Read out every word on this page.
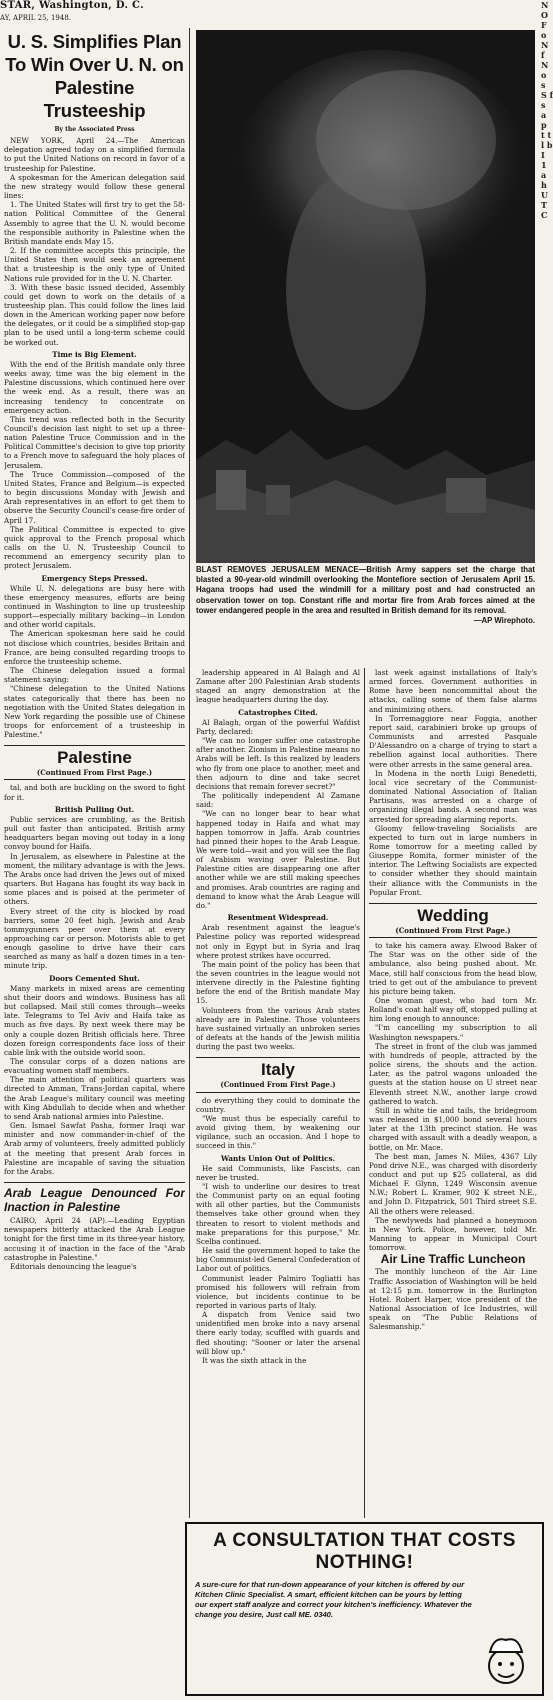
STAR, Washington, D. C.
AY, APRIL 25, 1948.
U. S. Simplifies Plan To Win Over U. N. on Palestine Trusteeship
By the Associated Press

NEW YORK, April 24.—The American delegation agreed today on a simplified formula to put the United Nations on record in favor of a trusteeship for Palestine.

A spokesman for the American delegation said the new strategy would follow these general lines:

1. The United States will first try to get the 58-nation Political Committee of the General Assembly to agree that the U. N. would become the responsible authority in Palestine when the British mandate ends May 15.

2. If the committee accepts this principle, the United States then would seek an agreement that a trusteeship is the only type of United Nations rule provided for in the U. N. Charter.

3. With these basic issued decided, Assembly could get down to work on the details of a trusteeship plan. This could follow the lines laid down in the American working paper now before the delegates, or it could be a simplified stop-gap plan to be used until a long-term scheme could be worked out.

Time is Big Element.

With the end of the British mandate only three weeks away, time was the big element in the Palestine discussions, which continued here over the week end. As a result, there was an increasing tendency to concentrate on emergency action.

This trend was reflected both in the Security Council's decision last night to set up a three-nation Palestine Truce Commission and in the Political Committee's decision to give top priority to a French move to safeguard the holy places of Jerusalem.

The Truce Commission—composed of the United States, France and Belgium—is expected to begin discussions Monday with Jewish and Arab representatives in an effort to get them to observe the Security Council's cease-fire order of April 17.

The Political Committee is expected to give quick approval to the French proposal which calls on the U. N. Trusteeship Council to recommend an emergency security plan to protect Jerusalem.

Emergency Steps Pressed.

While U. N. delegations are busy here with these emergency measures, efforts are being continued in Washington to line up trusteeship support—especially military backing—in London and other world capitals.

The American spokesman here said he could not disclose which countries, besides Britain and France, are being consulted regarding troops to enforce the trusteeship scheme.

The Chinese delegation issued a formal statement saying:

"Chinese delegation to the United Nations states categorically that there has been no negotiation with the United States delegation in New York regarding the possible use of Chinese troops for enforcement of a trusteeship in Palestine."

Palestine
(Continued From First Page.)

tal, and both are buckling on the sword to fight for it.

British Pulling Out.

Public services are crumbling, as the British pull out faster than anticipated. British army headquarters began moving out today in a long convoy bound for Haifa.

In Jerusalem, as elsewhere in Palestine at the moment, the military advantage is with the Jews. The Arabs once had driven the Jews out of mixed quarters. But Hagana has fought its way back in some places and is poised at the perimeter of others.

Every street of the city is blocked by road barriers, some 20 feet high. Jewish and Arab tommygunners peer over them at every approaching car or person. Motorists able to get enough gasoline to drive have their cars searched as many as half a dozen times in a ten-minute trip.

Doors Cemented Shut.

Many markets in mixed areas are cementing shut their doors and windows. Business has all but collapsed. Mail still comes through—weeks late. Telegrams to Tel Aviv and Haifa take as much as five days. By next week there may be only a couple dozen British officials here. Three dozen foreign correspondents face loss of their cable link with the outside world soon.

The consular corps of a dozen nations are evacuating women staff members.

The main attention of political quarters was directed to Amman, Trans-Jordan capital, where the Arab League's military council was meeting with King Abdullah to decide when and whether to send Arab national armies into Palestine.

Gen. Ismael Sawfat Pasha, former Iraqi war minister and now commander-in-chief of the Arab army of volunteers, freely admitted publicly at the meeting that present Arab forces in Palestine are incapable of saving the situation for the Arabs.

Arab League Denounced For Inaction in Palestine

CAIRO, April 24 (AP).—Leading Egyptian newspapers bitterly attacked the Arab League tonight for the first time in its three-year history, accusing it of inaction in the face of the "Arab catastrophe in Palestine."

Editorials denouncing the league's

BLAST REMOVES JERUSALEM MENACE—British Army sappers set the charge that blasted a 90-year-old windmill overlooking the Montefiore section of Jerusalem April 15. Hagana troops had used the windmill for a military post and had constructed an observation tower on top. Constant rifle and mortar fire from Arab forces aimed at the tower endangered people in the area and resulted in British demand for its removal.
—AP Wirephoto.

leadership appeared in Al Balagh and Al Zamane after 200 Palestinian Arab students staged an angry demonstration at the league headquarters during the day.

Catastrophes Cited.

Al Balagh, organ of the powerful Wafdist Party, declared:

"We can no longer suffer one catastrophe after another. Zionism in Palestine means no Arabs will be left. Is this realized by leaders who fly from one place to another, meet and then adjourn to dine and take secret decisions that remain forever secret?"

The politically independent Al Zamane said:

"We can no longer bear to hear what happened today in Haifa and what may happen tomorrow in Jaffa. Arab countries had pinned their hopes to the Arab League. We were told—wait and you will see the flag of Arabism waving over Palestine. But Palestine cities are disappearing one after another while we are still making speeches and promises. Arab countries are raging and demand to know what the Arab League will do."

Resentment Widespread.

Arab resentment against the league's Palestine policy was reported widespread not only in Egypt but in Syria and Iraq where protest strikes have occurred.

The main point of the policy has been that the seven countries in the league would not intervene directly in the Palestine fighting before the end of the British mandate May 15.

Volunteers from the various Arab states already are in Palestine. Those volunteers have sustained virtually an unbroken series of defeats at the hands of the Jewish militia during the past two weeks.

Italy
(Continued From First Page.)

do everything they could to dominate the country.

"We must thus be especially careful to avoid giving them, by weakening our vigilance, such an occasion. And I hope to succeed in this."

Wants Union Out of Politics.

He said Communists, like Fascists, can never be trusted.

"I wish to underline our desires to treat the Communist party on an equal footing with all other parties, but the Communists themselves take other ground when they threaten to resort to violent methods and make preparations for this purpose," Mr. Scelba continued.

He said the government hoped to take the big Communist-led General Confederation of Labor out of politics.

Communist leader Palmiro Togliatti has promised his followers will refrain from violence, but incidents continue to be reported in various parts of Italy.

A dispatch from Venice said two unidentified men broke into a navy arsenal there early today, scuffled with guards and fled shouting: "Sooner or later the arsenal will blow up."

It was the sixth attack in the

last week against installations of Italy's armed forces. Government authorities in Rome have been noncommittal about the attacks, calling some of them false alarms and minimizing others.

In Torremaggiore near Foggia, another report said, carabinieri broke up groups of Communists and arrested Pasquale D'Alessandro on a charge of trying to start a rebellion against local authorities. There were other arrests in the same general area.

In Modena in the north Luigi Benedetti, local vice secretary of the Communist-dominated National Association of Italian Partisans, was arrested on a charge of organizing illegal bands. A second man was arrested for spreading alarming reports.

Gloomy fellow-traveling Socialists are expected to turn out in large numbers in Rome tomorrow for a meeting called by Giuseppe Romita, former minister of the interior. The Leftwing Socialists are expected to consider whether they should maintain their alliance with the Communists in the Popular Front.

Wedding
(Continued From First Page.)

to take his camera away. Elwood Baker of The Star was on the other side of the ambulance, also being pushed about. Mr. Mace, still half conscious from the head blow, tried to get out of the ambulance to prevent his picture being taken.

One woman guest, who had torn Mr. Rolland's coat half way off, stopped pulling at him long enough to announce:

"I'm cancelling my subscription to all Washington newspapers."

The street in front of the club was jammed with hundreds of people, attracted by the police sirens, the shouts and the action. Later, as the patrol wagons unloaded the guests at the station house on U street near Eleventh street N.W., another large crowd gathered to watch.

Still in white tie and tails, the bridegroom was released in $1,000 bond several hours later at the 13th precinct station. He was charged with assault with a deadly weapon, a bottle, on Mr. Mace.

The best man, James N. Miles, 4367 Lily Pond drive N.E., was charged with disorderly conduct and put up $25 collateral, as did Michael F. Glynn, 1249 Wisconsin avenue N.W.; Robert L. Kramer, 902 K street N.E., and John D. Fitzpatrick, 501 Third street S.E. All the others were released.

The newlyweds had planned a honeymoon in New York. Police, however, told Mr. Manning to appear in Municipal Court tomorrow.

Air Line Traffic Luncheon

The monthly luncheon of the Air Line Traffic Association of Washington will be held at 12:15 p.m. tomorrow in the Burlington Hotel. Robert Harper, vice president of the National Association of Ice Industries, will speak on "The Public Relations of Salesmanship."

A CONSULTATION THAT COSTS NOTHING!
A sure-cure for that run-down appearance of your kitchen is offered by our Kitchen Clinic Specialist. A smart, efficient kitchen can be yours by letting our expert staff analyze and correct your kitchen's inefficiency. Whatever the change you desire, Just call ME. 0340.
N O F o N f N o s S f s a p t t l b I 1 a h U T C
